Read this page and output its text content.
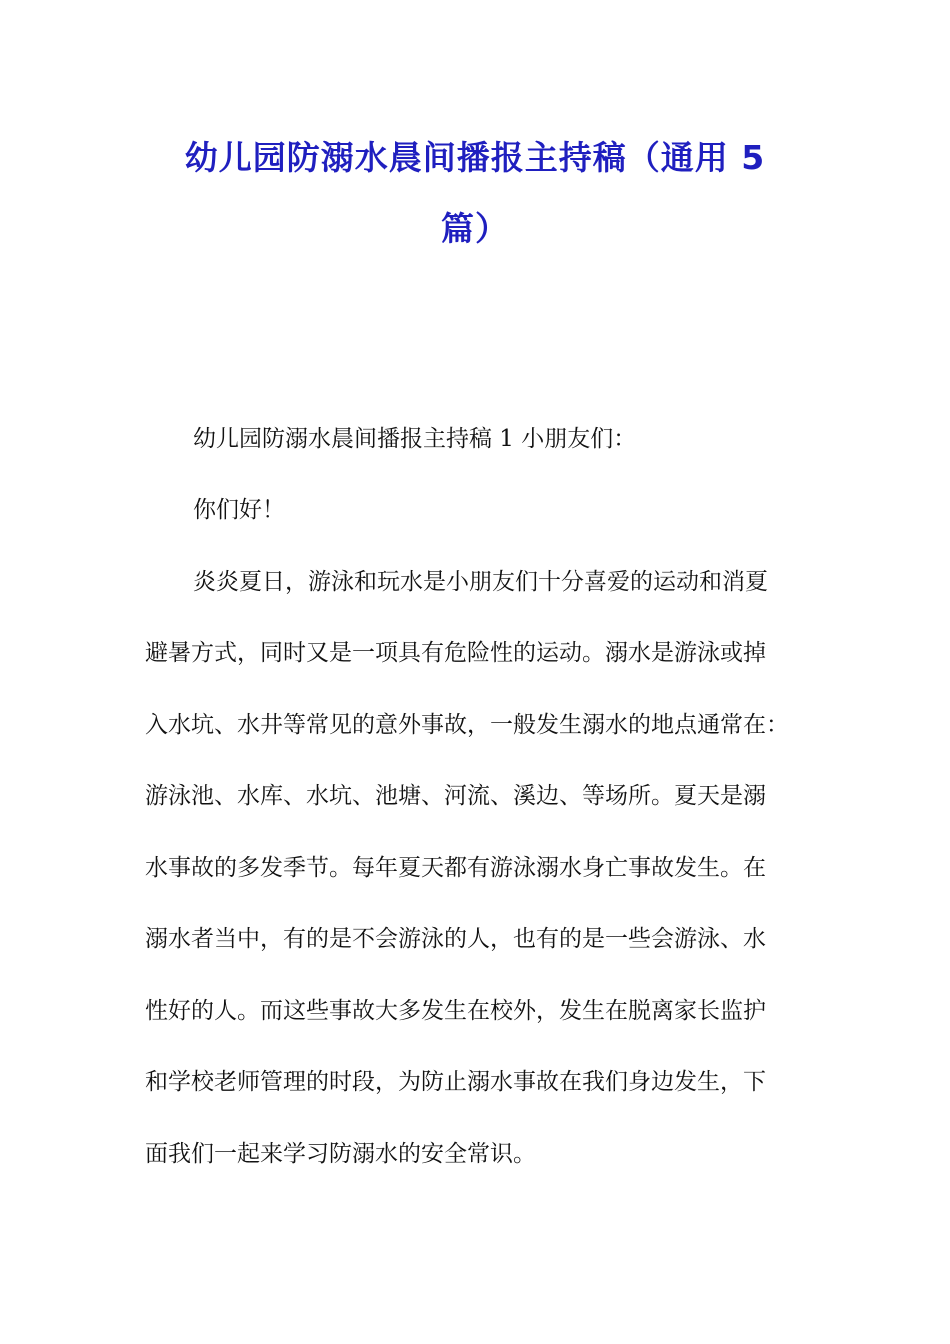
幼儿园防溺水晨间播报主持稿（通用 5
篇）
幼儿园防溺水晨间播报主持稿 1 小朋友们：
你们好！
炎炎夏日，游泳和玩水是小朋友们十分喜爱的运动和消夏
避暑方式，同时又是一项具有危险性的运动。溺水是游泳或掉
入水坑、水井等常见的意外事故，一般发生溺水的地点通常在：
游泳池、水库、水坑、池塘、河流、溪边、等场所。夏天是溺
水事故的多发季节。每年夏天都有游泳溺水身亡事故发生。在
溺水者当中，有的是不会游泳的人，也有的是一些会游泳、水
性好的人。而这些事故大多发生在校外，发生在脱离家长监护
和学校老师管理的时段，为防止溺水事故在我们身边发生，下
面我们一起来学习防溺水的安全常识。
